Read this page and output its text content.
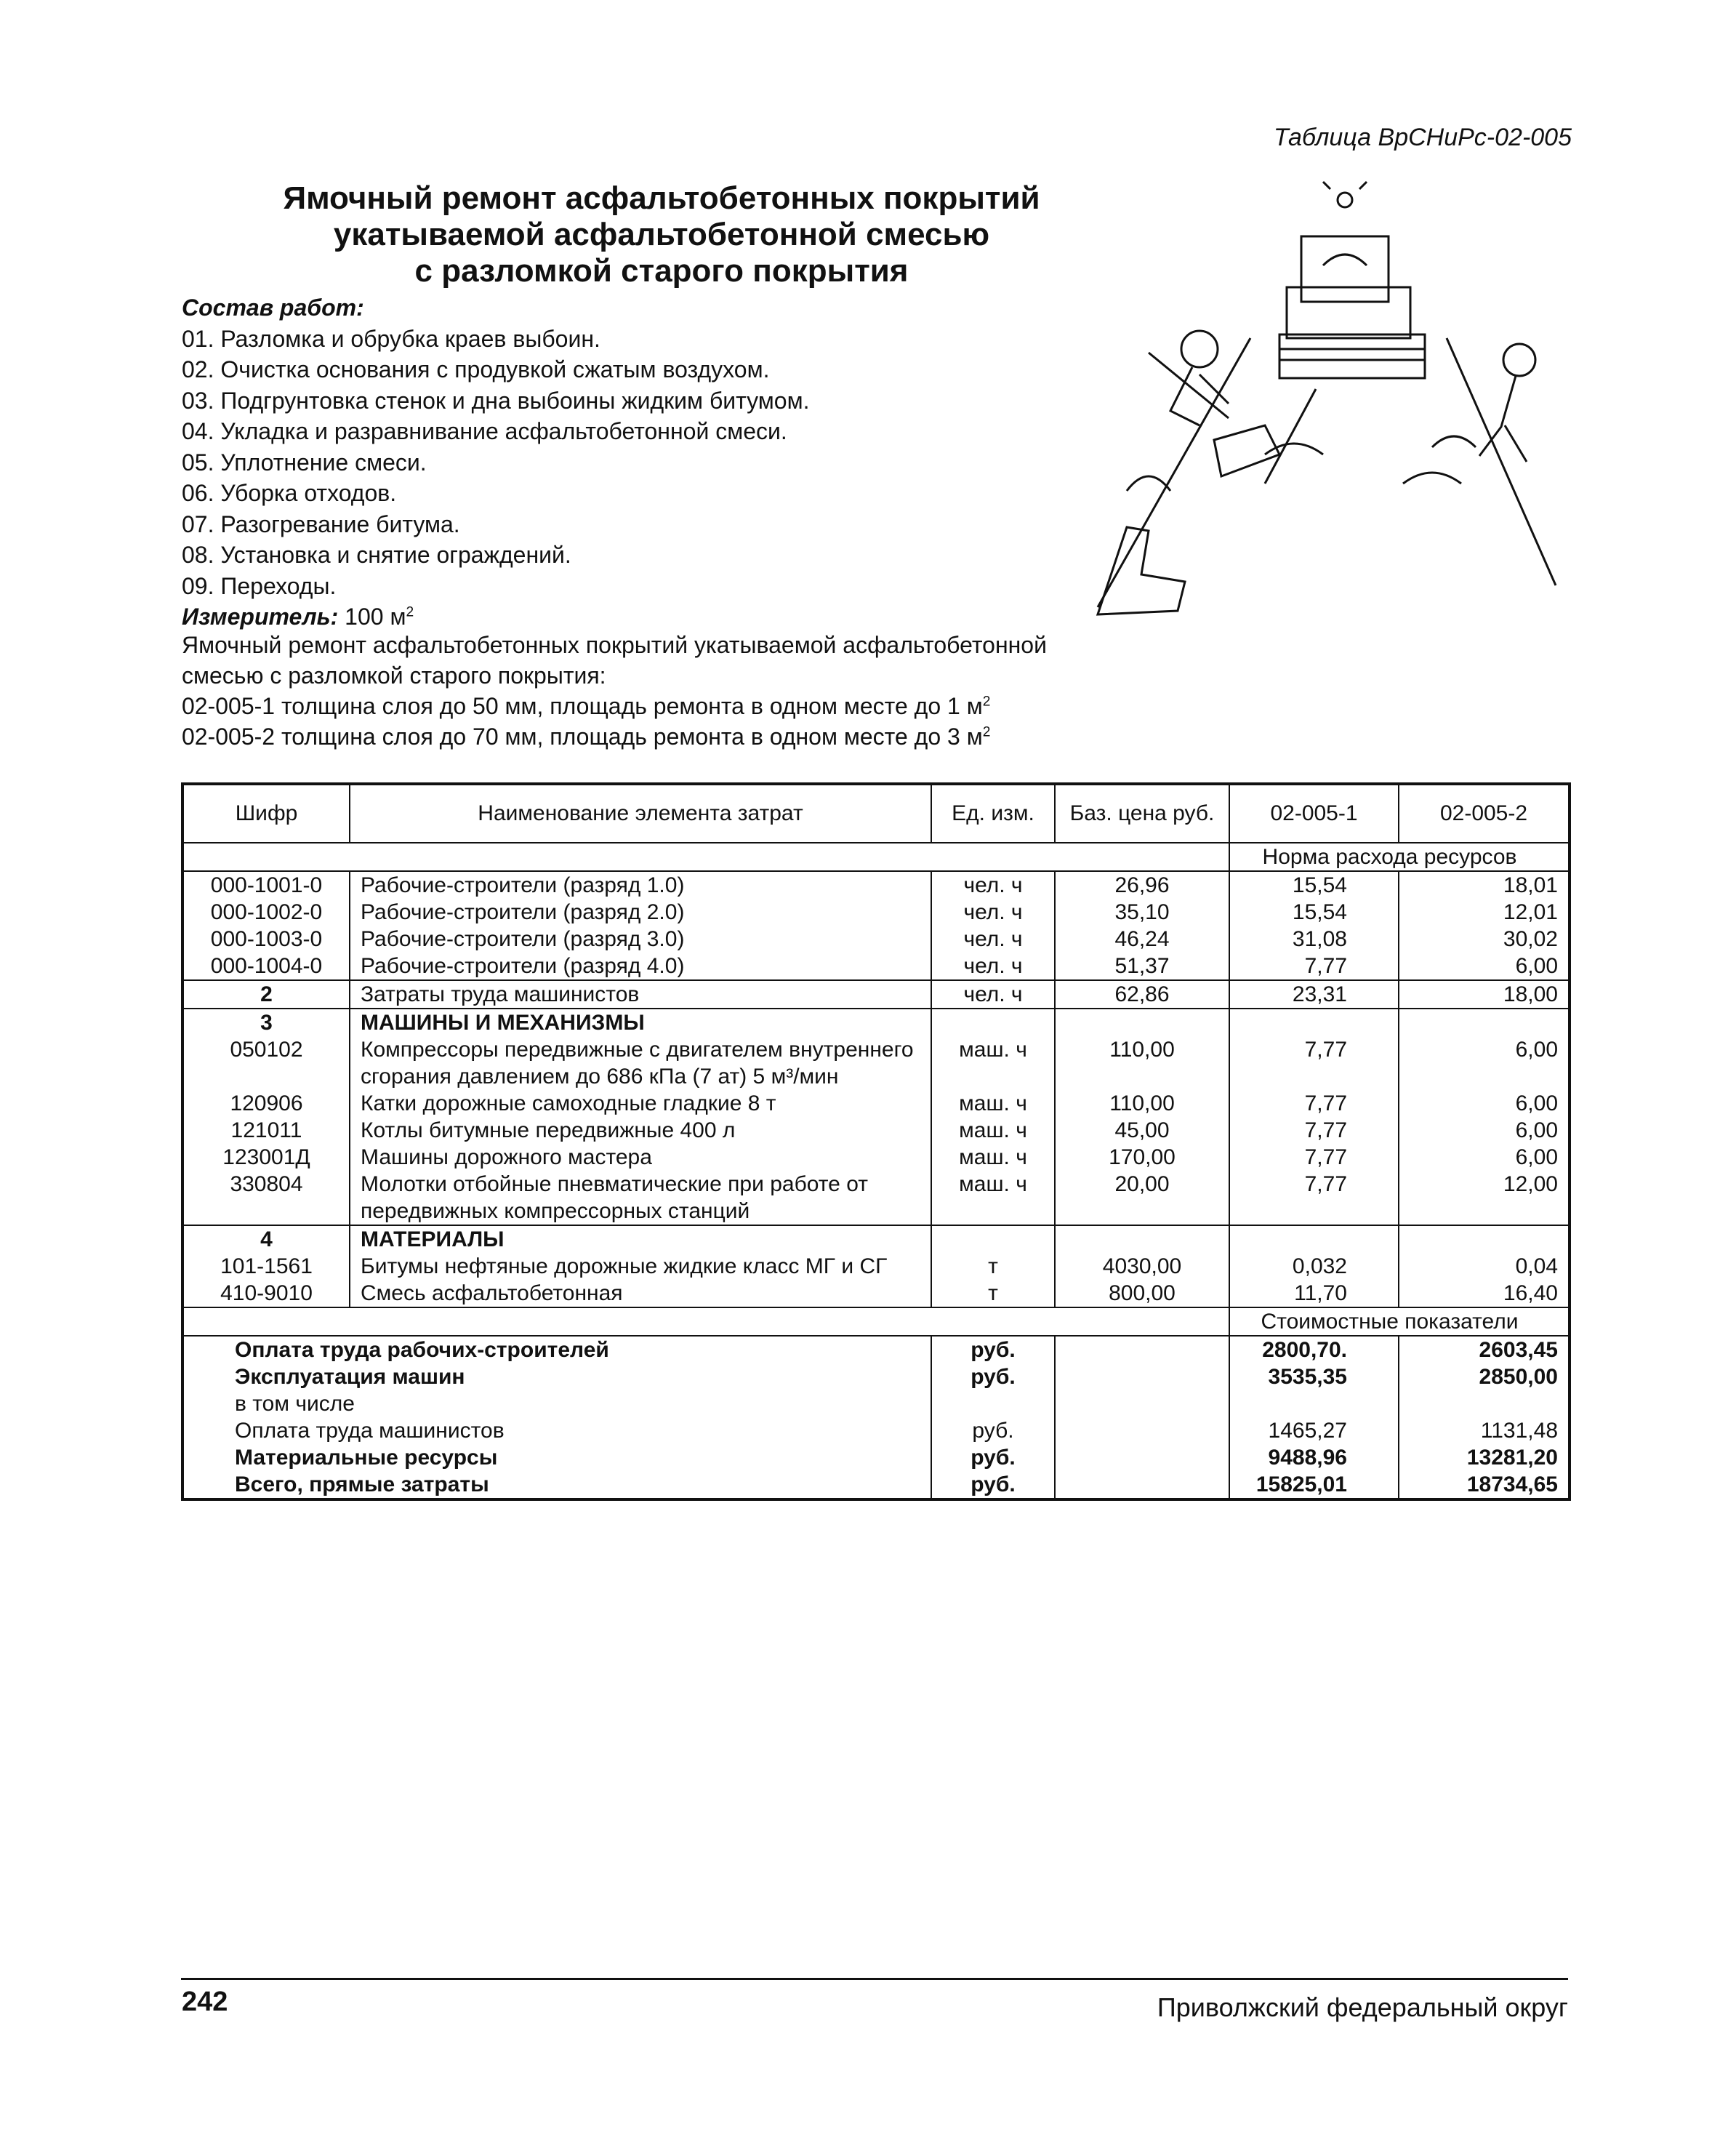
Таблица ВрСНиРс-02-005
Ямочный ремонт асфальтобетонных покрытий
укатываемой асфальтобетонной смесью
с разломкой старого покрытия
Состав работ:
01. Разломка и обрубка краев выбоин.
02. Очистка основания с продувкой сжатым воздухом.
03. Подгрунтовка стенок и дна выбоины жидким битумом.
04. Укладка и разравнивание асфальтобетонной смеси.
05. Уплотнение смеси.
06. Уборка отходов.
07. Разогревание битума.
08. Установка и снятие ограждений.
09. Переходы.
Измеритель: 100 $м^2$
Ямочный ремонт асфальтобетонных покрытий укатываемой асфальтобетонной
смесью с разломкой старого покрытия:
02-005-1 толщина слоя до 50 мм, площадь ремонта в одном месте до 1 $м^2$
02-005-2 толщина слоя до 70 мм, площадь ремонта в одном месте до 3 $м^2$
Шифр	Наименование элемента затрат	Ед. изм.	Баз. цена руб.	02-005-1	02-005-2
				Норма расхода ресурсов	
000-1001-0	Рабочие-строители (разряд 1.0)	чел. ч	26,96	15,54	18,01
000-1002-0	Рабочие-строители (разряд 2.0)	чел. ч	35,10	15,54	12,01
000-1003-0	Рабочие-строители (разряд 3.0)	чел. ч	46,24	31,08	30,02
000-1004-0	Рабочие-строители (разряд 4.0)	чел. ч	51,37	7,77	6,00
2	Затраты труда машинистов	чел. ч	62,86	23,31	18,00
3	МАШИНЫ И МЕХАНИЗМЫ				
050102	Компрессоры передвижные с двигателем внутреннего сгорания давлением до 686 кПа (7 ат) 5 м³/мин	маш. ч	110,00	7,77	6,00
120906	Катки дорожные самоходные гладкие 8 т	маш. ч	110,00	7,77	6,00
121011	Котлы битумные передвижные 400 л	маш. ч	45,00	7,77	6,00
123001Д	Машины дорожного мастера	маш. ч	170,00	7,77	6,00
330804	Молотки отбойные пневматические при работе от передвижных компрессорных станций	маш. ч	20,00	7,77	12,00
4	МАТЕРИАЛЫ				
101-1561	Битумы нефтяные дорожные жидкие класс МГ и СГ	т	4030,00	0,032	0,04
410-9010	Смесь асфальтобетонная	т	800,00	11,70	16,40
				Стоимостные показатели	
Оплата труда рабочих-строителей		руб.		2800,70.	2603,45
Эксплуатация машин		руб.		3535,35	2850,00
в том числе					
Оплата труда машинистов		руб.		1465,27	1131,48
Материальные ресурсы		руб.		9488,96	13281,20
Всего, прямые затраты		руб.		15825,01	18734,65
242	Приволжский федеральный округ
